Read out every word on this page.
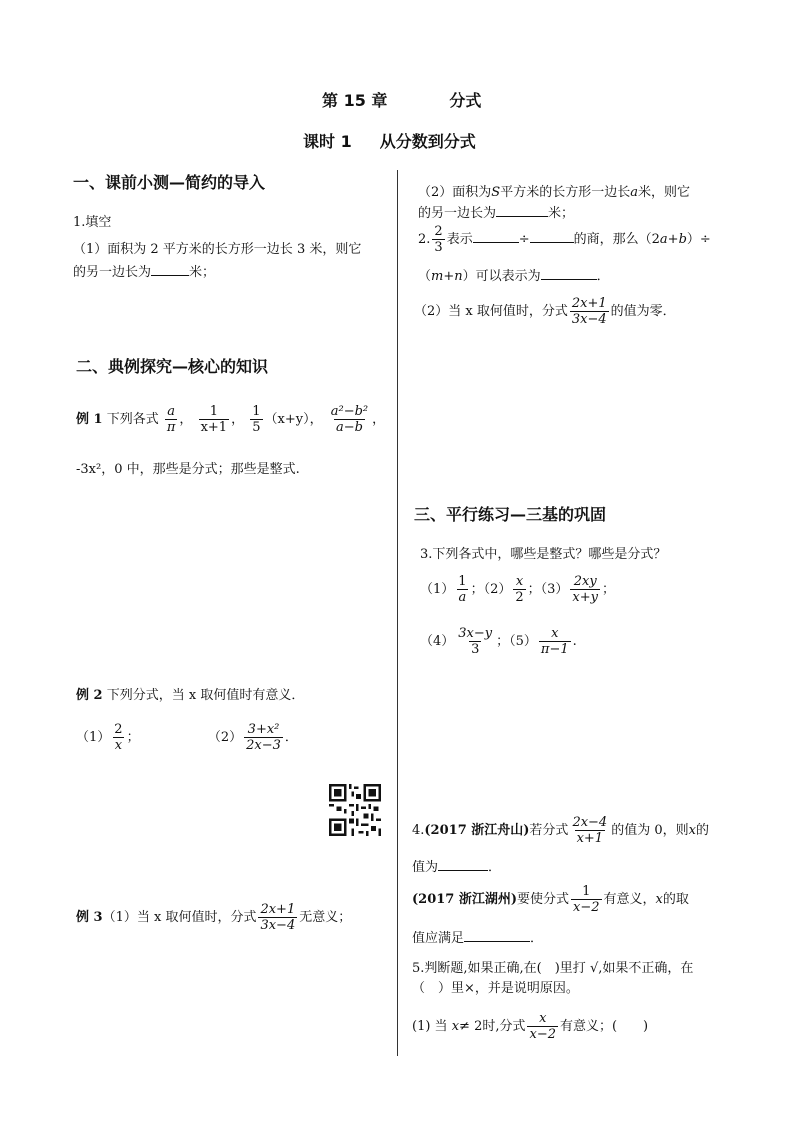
第 15 章	分式
课时 1 从分数到分式
一、课前小测—简约的导入
1.填空
（1）面积为 2 平方米的长方形一边长 3 米，则它
的另一边长为	米；
二、典例探究—核心的知识
例 1 下列各式 $\frac{a}{\pi}$ ， $\frac{1}{x+1}$ ， $\frac{1}{5} (x+y)$， $\frac{\text{a²−b²}}{a-b}$ ，
-3x²，0 中，那些是分式；那些是整式.
例 2 下列分式，当 x 取何值时有意义．
$(1) \frac{2}{x}$ ；	$(2) \frac{\text{3+x²}}{2x-3}$ ．
例 3（1）当 x 取何值时，分式 $\frac{2x+1}{3x-4}$ 无意义；
（2）面积为S平方米的长方形一边长a米，则它
的另一边长为	米；
2. $\frac{2}{3}$ 表示	÷	的商，那么（2a+b）÷
（m+n）可以表示为	．
（2）当 x 取何值时，分式 $\frac{2x+1}{3x-4}$ 的值为零．
三、平行练习—三基的巩固
3.下列各式中，哪些是整式？哪些是分式？
$(1) \frac{1}{a}$ ；$(2) \frac{x}{2}$ ；$(3) \frac{2xy}{x+y}$ ；
$(4) \frac{3x-y}{3}$ ；$(5) \frac{x}{\pi-1}$ .
4.(2017 浙江舟山)若分式 $\frac{2x-4}{x+1}$ 的值为 0，则x的
值为	．
(2017 浙江湖州)要使分式 $\frac{1}{x-2}$ 有意义，x的取
值应满足	．
5.判断题,如果正确,在(　)里打 √,如果不正确，在
（　）里×，并是说明原因。
(1) 当 x≠ 2时,分式 $\frac{x}{x-2}$ 有意义；(　　)
